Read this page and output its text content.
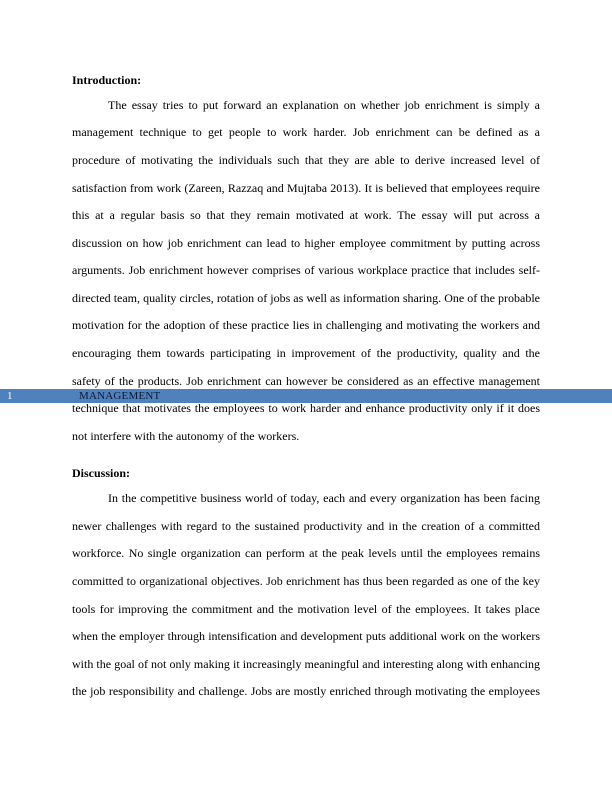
Introduction:
The essay tries to put forward an explanation on whether job enrichment is simply a
management technique to get people to work harder. Job enrichment can be defined as a
procedure of motivating the individuals such that they are able to derive increased level of
satisfaction from work (Zareen, Razzaq and Mujtaba 2013). It is believed that employees require
this at a regular basis so that they remain motivated at work. The essay will put across a
discussion on how job enrichment can lead to higher employee commitment by putting across
arguments. Job enrichment however comprises of various workplace practice that includes self-
directed team, quality circles, rotation of jobs as well as information sharing. One of the probable
motivation for the adoption of these practice lies in challenging and motivating the workers and
encouraging them towards participating in improvement of the productivity, quality and the
safety of the products. Job enrichment can however be considered as an effective management
1	MANAGEMENT
technique that motivates the employees to work harder and enhance productivity only if it does
not interfere with the autonomy of the workers.
Discussion:
In the competitive business world of today, each and every organization has been facing
newer challenges with regard to the sustained productivity and in the creation of a committed
workforce. No single organization can perform at the peak levels until the employees remains
committed to organizational objectives. Job enrichment has thus been regarded as one of the key
tools for improving the commitment and the motivation level of the employees. It takes place
when the employer through intensification and development puts additional work on the workers
with the goal of not only making it increasingly meaningful and interesting along with enhancing
the job responsibility and challenge. Jobs are mostly enriched through motivating the employees
